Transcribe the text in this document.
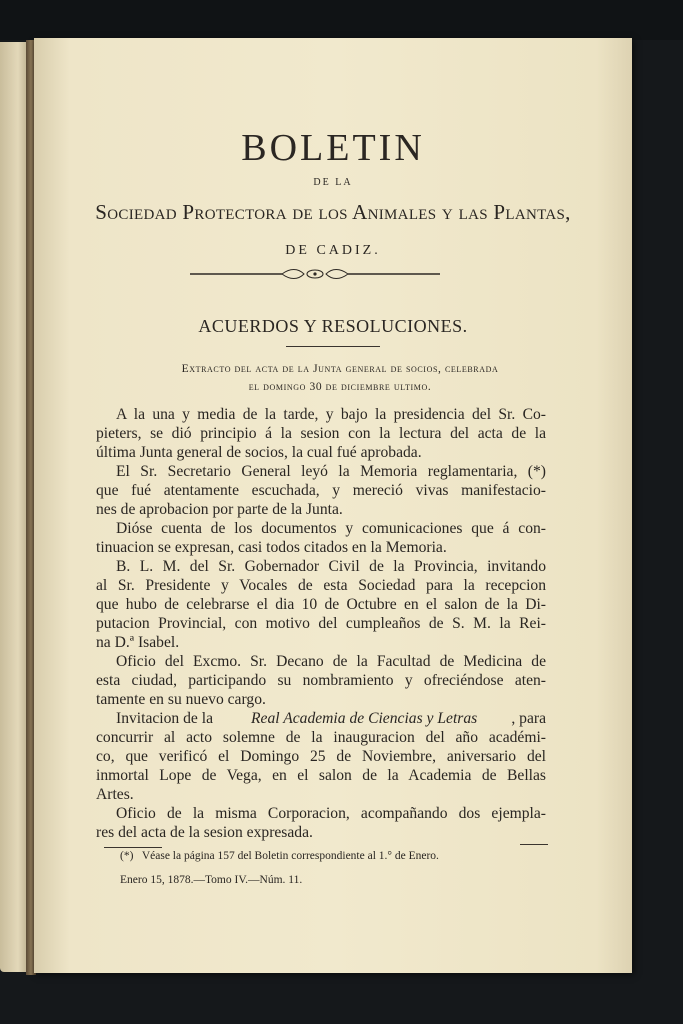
BOLETIN
DE LA
Sociedad Protectora de los Animales y las Plantas,
DE CADIZ.
ACUERDOS Y RESOLUCIONES.
Extracto del acta de la Junta general de socios, celebrada
el domingo 30 de diciembre ultimo.
A la una y media de la tarde, y bajo la presidencia del Sr. Co-
pieters, se dió principio á la sesion con la lectura del acta de la
última Junta general de socios, la cual fué aprobada.
El Sr. Secretario General leyó la Memoria reglamentaria, (*)
que fué atentamente escuchada, y mereció vivas manifestacio-
nes de aprobacion por parte de la Junta.
Dióse cuenta de los documentos y comunicaciones que á con-
tinuacion se expresan, casi todos citados en la Memoria.
B. L. M. del Sr. Gobernador Civil de la Provincia, invitando
al Sr. Presidente y Vocales de esta Sociedad para la recepcion
que hubo de celebrarse el dia 10 de Octubre en el salon de la Di-
putacion Provincial, con motivo del cumpleaños de S. M. la Rei-
na D.ª Isabel.
Oficio del Excmo. Sr. Decano de la Facultad de Medicina de
esta ciudad, participando su nombramiento y ofreciéndose aten-
tamente en su nuevo cargo.
Invitacion de la Real Academia de Ciencias y Letras , para
concurrir al acto solemne de la inauguracion del año académi-
co, que verificó el Domingo 25 de Noviembre, aniversario del
inmortal Lope de Vega, en el salon de la Academia de Bellas
Artes.
Oficio de la misma Corporacion, acompañando dos ejempla-
res del acta de la sesion expresada.
(*)   Véase la página 157 del Boletin correspondiente al 1.° de Enero.
Enero 15, 1878.—Tomo IV.—Núm. 11.
